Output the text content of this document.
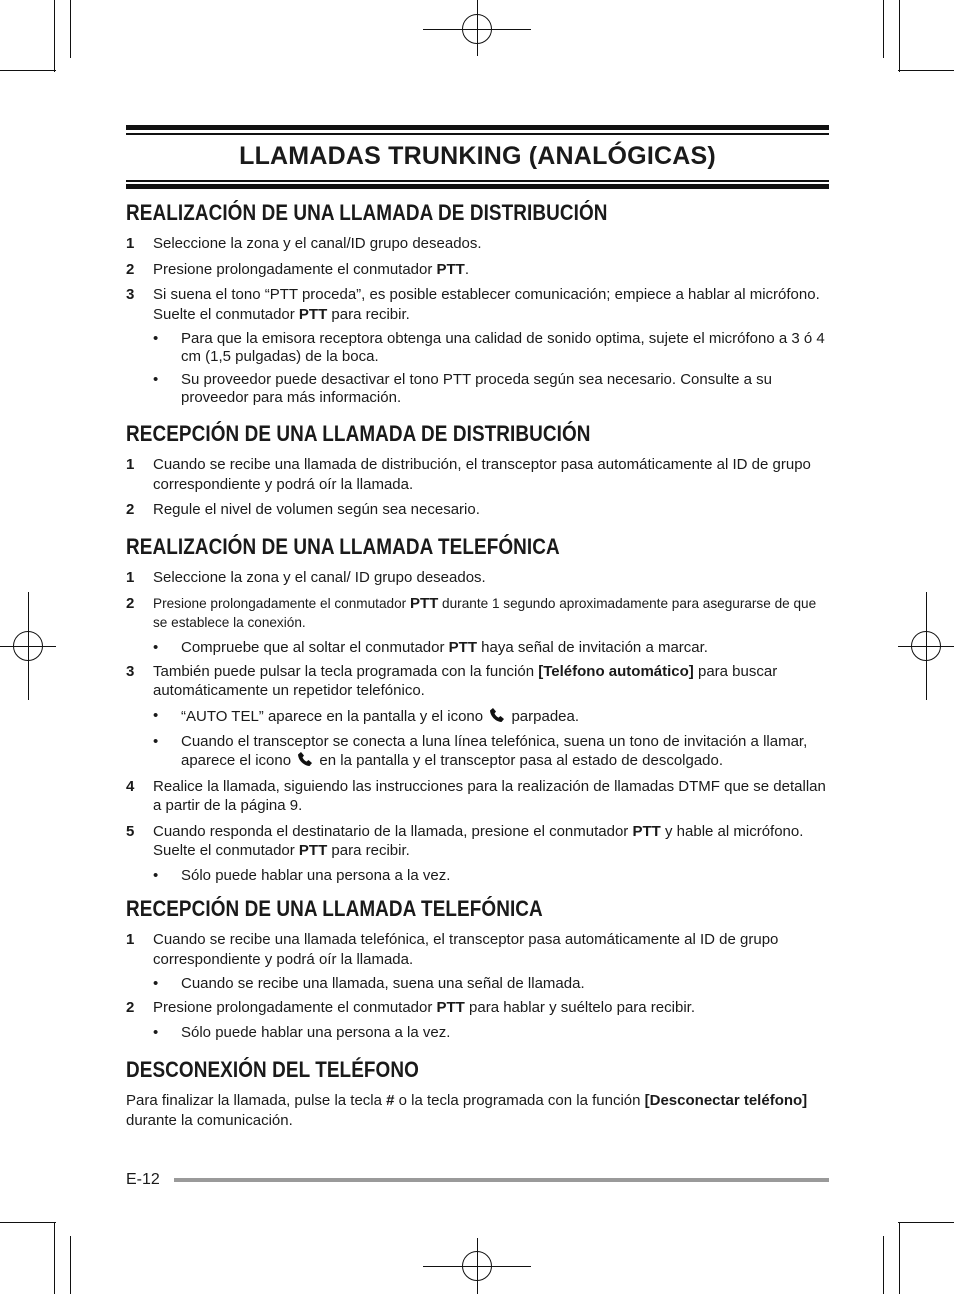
LLAMADAS TRUNKING (ANALÓGICAS)
REALIZACIÓN DE UNA LLAMADA DE DISTRIBUCIÓN
1 Seleccione la zona y el canal/ID grupo deseados.
2 Presione prolongadamente el conmutador PTT.
3 Si suena el tono “PTT proceda”, es posible establecer comunicación; empiece a hablar al micrófono. Suelte el conmutador PTT para recibir.
• Para que la emisora receptora obtenga una calidad de sonido optima, sujete el micrófono a 3 ó 4 cm (1,5 pulgadas) de la boca.
• Su proveedor puede desactivar el tono PTT proceda según sea necesario. Consulte a su proveedor para más información.
RECEPCIÓN DE UNA LLAMADA DE DISTRIBUCIÓN
1 Cuando se recibe una llamada de distribución, el transceptor pasa automáticamente al ID de grupo correspondiente y podrá oír la llamada.
2 Regule el nivel de volumen según sea necesario.
REALIZACIÓN DE UNA LLAMADA TELEFÓNICA
1 Seleccione la zona y el canal/ ID grupo deseados.
2 Presione prolongadamente el conmutador PTT durante 1 segundo aproximadamente para asegurarse de que se establece la conexión.
• Compruebe que al soltar el conmutador PTT haya señal de invitación a marcar.
3 También puede pulsar la tecla programada con la función [Teléfono automático] para buscar automáticamente un repetidor telefónico.
• “AUTO TEL” aparece en la pantalla y el icono parpadea.
• Cuando el transceptor se conecta a luna línea telefónica, suena un tono de invitación a llamar, aparece el icono en la pantalla y el transceptor pasa al estado de descolgado.
4 Realice la llamada, siguiendo las instrucciones para la realización de llamadas DTMF que se detallan a partir de la página 9.
5 Cuando responda el destinatario de la llamada, presione el conmutador PTT y hable al micrófono. Suelte el conmutador PTT para recibir.
• Sólo puede hablar una persona a la vez.
RECEPCIÓN DE UNA LLAMADA TELEFÓNICA
1 Cuando se recibe una llamada telefónica, el transceptor pasa automáticamente al ID de grupo correspondiente y podrá oír la llamada.
• Cuando se recibe una llamada, suena una señal de llamada.
2 Presione prolongadamente el conmutador PTT para hablar y suéltelo para recibir.
• Sólo puede hablar una persona a la vez.
DESCONEXIÓN DEL TELÉFONO
Para finalizar la llamada, pulse la tecla # o la tecla programada con la función [Desconectar teléfono] durante la comunicación.
E-12
